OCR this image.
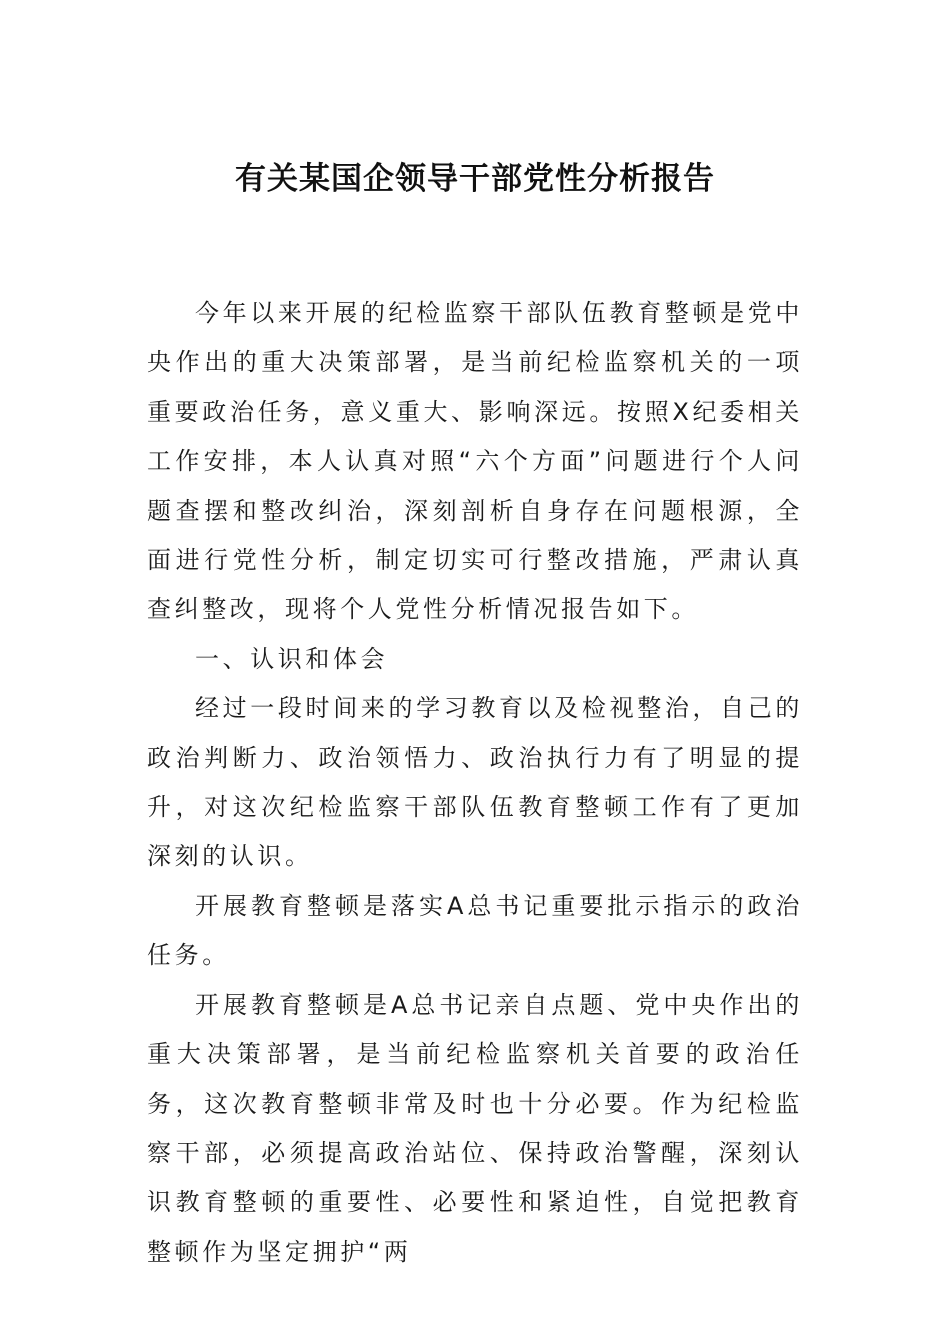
有关某国企领导干部党性分析报告

今年以来开展的纪检监察干部队伍教育整顿是党中央作出的重大决策部署，是当前纪检监察机关的一项重要政治任务，意义重大、影响深远。按照X纪委相关工作安排，本人认真对照“六个方面”问题进行个人问题查摆和整改纠治，深刻剖析自身存在问题根源，全面进行党性分析，制定切实可行整改措施，严肃认真查纠整改，现将个人党性分析情况报告如下。

一、认识和体会

经过一段时间来的学习教育以及检视整治，自己的政治判断力、政治领悟力、政治执行力有了明显的提升，对这次纪检监察干部队伍教育整顿工作有了更加深刻的认识。

开展教育整顿是落实A总书记重要批示指示的政治任务。

开展教育整顿是A总书记亲自点题、党中央作出的重大决策部署，是当前纪检监察机关首要的政治任务，这次教育整顿非常及时也十分必要。作为纪检监察干部，必须提高政治站位、保持政治警醒，深刻认识教育整顿的重要性、必要性和紧迫性，自觉把教育整顿作为坚定拥护“两
